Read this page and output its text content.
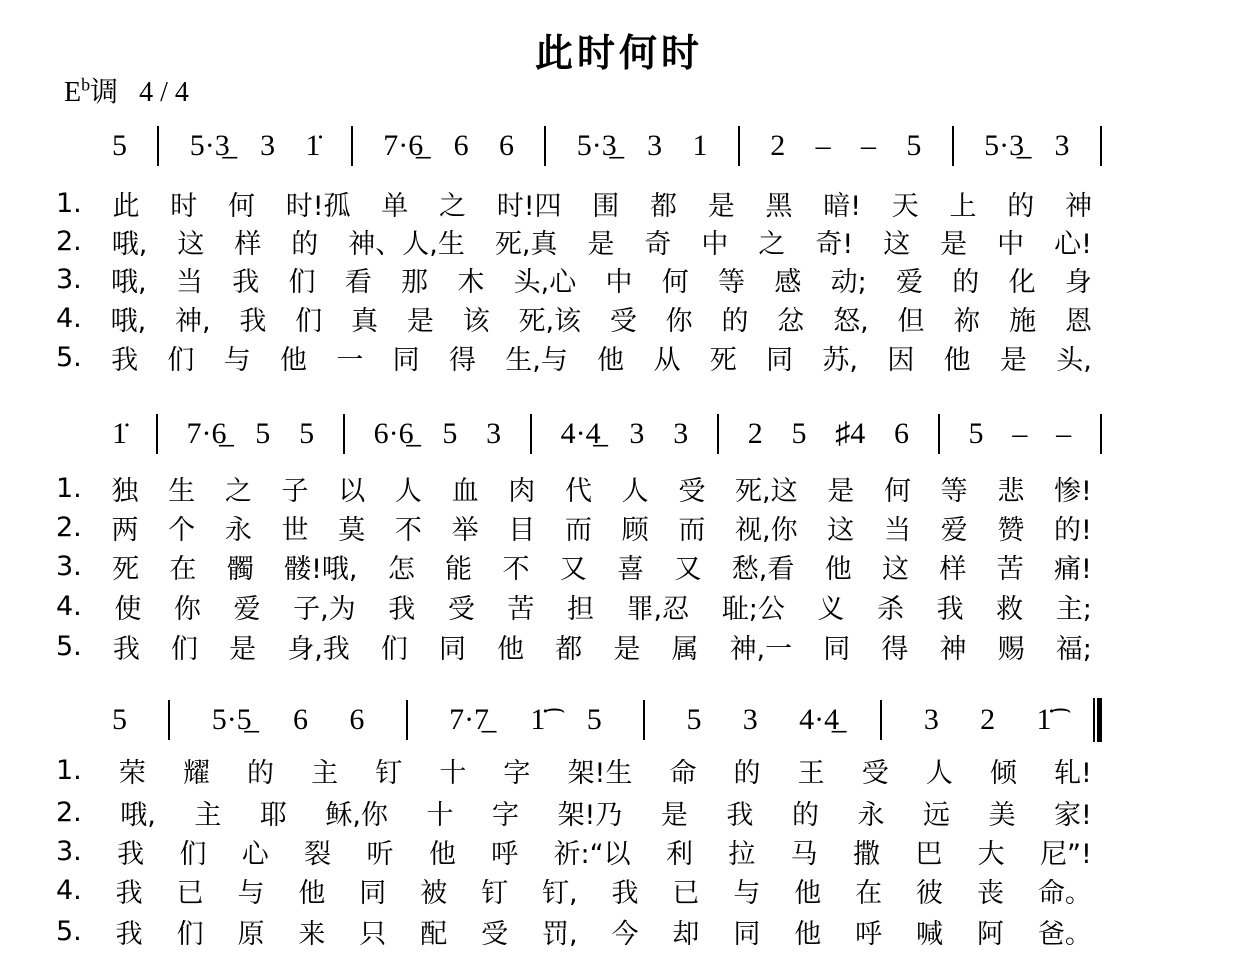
此时何时
$E^b$调 4 / 4
5 5·3̲ 3 1̇ 7·6̲ 6 6 5·3̲ 3 1 2 – – 5 5·3̲ 3
1. 此 时 何 时!孤 单 之 时!四 围 都 是 黑 暗! 天 上 的 神
2. 哦, 这 样 的 神、人,生 死,真 是 奇 中 之 奇! 这 是 中 心!
3. 哦, 当 我 们 看 那 木 头,心 中 何 等 感 动; 爱 的 化 身
4. 哦, 神, 我 们 真 是 该 死,该 受 你 的 忿 怒, 但 祢 施 恩
5. 我 们 与 他 一 同 得 生,与 他 从 死 同 苏, 因 他 是 头,
1̇ 7·6̲ 5 5 6·6̲ 5 3 4·4̲ 3 3 2 5 ♯4 6 5 – –
1. 独 生 之 子 以 人 血 肉 代 人 受 死,这 是 何 等 悲 惨!
2. 两 个 永 世 莫 不 举 目 而 顾 而 视,你 这 当 爱 赞 的!
3. 死 在 髑 髅!哦, 怎 能 不 又 喜 又 愁,看 他 这 样 苦 痛!
4. 使 你 爱 子,为 我 受 苦 担 罪,忍 耻;公 义 杀 我 救 主;
5. 我 们 是 身,我 们 同 他 都 是 属 神,一 同 得 神 赐 福;
5	5·5̲ 6 6	7·7̲ 1̇͡ 5	5 3 4·4̲	3 2 1̇͡
1. 荣 耀 的 主 钉 十 字 架!生 命 的 王 受 人 倾 轧!
2. 哦, 主 耶 稣,你 十 字 架!乃 是 我 的 永 远 美 家!
3. 我 们 心 裂 听 他 呼 祈:“以 利 拉 马 撒 巴 大 尼”!
4. 我 已 与 他 同 被 钉 钉, 我 已 与 他 在 彼 丧 命。
5. 我 们 原 来 只 配 受 罚, 今 却 同 他 呼 喊 阿 爸。
